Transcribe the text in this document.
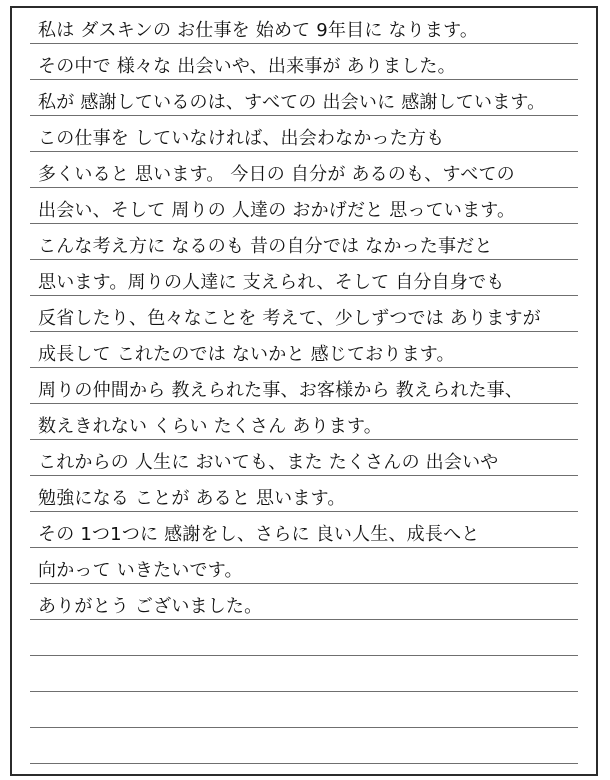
私は ダスキンの お仕事を 始めて 9年目に なります。
その中で 様々な 出会いや、出来事が ありました。
私が 感謝しているのは、すべての 出会いに 感謝しています。
この仕事を していなければ、出会わなかった方も
多くいると 思います。 今日の 自分が あるのも、すべての
出会い、そして 周りの 人達の おかげだと 思っています。
こんな考え方に なるのも 昔の自分では なかった事だと
思います。周りの人達に 支えられ、そして 自分自身でも
反省したり、色々なことを 考えて、少しずつでは ありますが
成長して これたのでは ないかと 感じております。
周りの仲間から 教えられた事、お客様から 教えられた事、
数えきれない くらい たくさん あります。
これからの 人生に おいても、また たくさんの 出会いや
勉強になる ことが あると 思います。
その 1つ1つに 感謝をし、さらに 良い人生、成長へと
向かって いきたいです。
ありがとう ございました。
